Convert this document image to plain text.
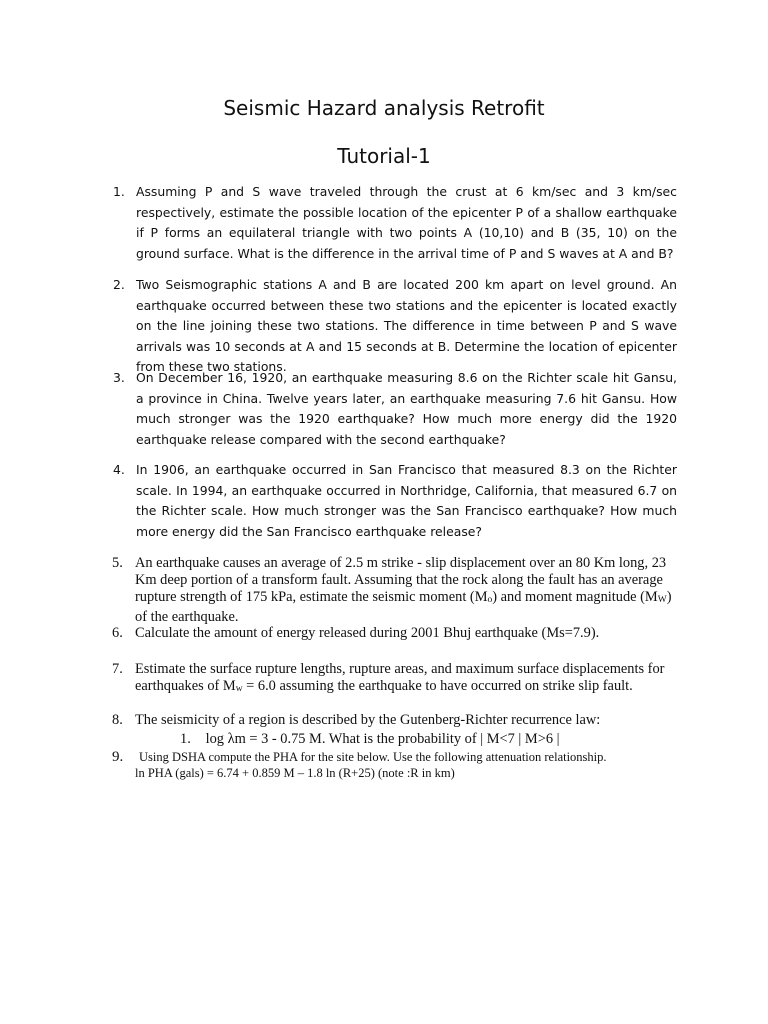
Seismic Hazard analysis Retrofit
Tutorial-1
1. Assuming P and S wave traveled through the crust at 6 km/sec and 3 km/sec respectively, estimate the possible location of the epicenter P of a shallow earthquake if P forms an equilateral triangle with two points A (10,10) and B (35, 10) on the ground surface. What is the difference in the arrival time of P and S waves at A and B?
2. Two Seismographic stations A and B are located 200 km apart on level ground. An earthquake occurred between these two stations and the epicenter is located exactly on the line joining these two stations. The difference in time between P and S wave arrivals was 10 seconds at A and 15 seconds at B. Determine the location of epicenter from these two stations.
3. On December 16, 1920, an earthquake measuring 8.6 on the Richter scale hit Gansu, a province in China. Twelve years later, an earthquake measuring 7.6 hit Gansu. How much stronger was the 1920 earthquake? How much more energy did the 1920 earthquake release compared with the second earthquake?
4. In 1906, an earthquake occurred in San Francisco that measured 8.3 on the Richter scale. In 1994, an earthquake occurred in Northridge, California, that measured 6.7 on the Richter scale. How much stronger was the San Francisco earthquake? How much more energy did the San Francisco earthquake release?
5. An earthquake causes an average of 2.5 m strike - slip displacement over an 80 Km long, 23 Km deep portion of a transform fault. Assuming that the rock along the fault has an average rupture strength of 175 kPa, estimate the seismic moment (Mo) and moment magnitude (MW) of the earthquake.
6. Calculate the amount of energy released during 2001 Bhuj earthquake (Ms=7.9).
7. Estimate the surface rupture lengths, rupture areas, and maximum surface displacements for earthquakes of Mw = 6.0 assuming the earthquake to have occurred on strike slip fault.
8. The seismicity of a region is described by the Gutenberg-Richter recurrence law:
1. log λm = 3 - 0.75 M. What is the probability of | M<7 | M>6 |
9. Using DSHA compute the PHA for the site below. Use the following attenuation relationship.
ln PHA (gals) = 6.74 + 0.859 M – 1.8 ln (R+25) (note :R in km)
